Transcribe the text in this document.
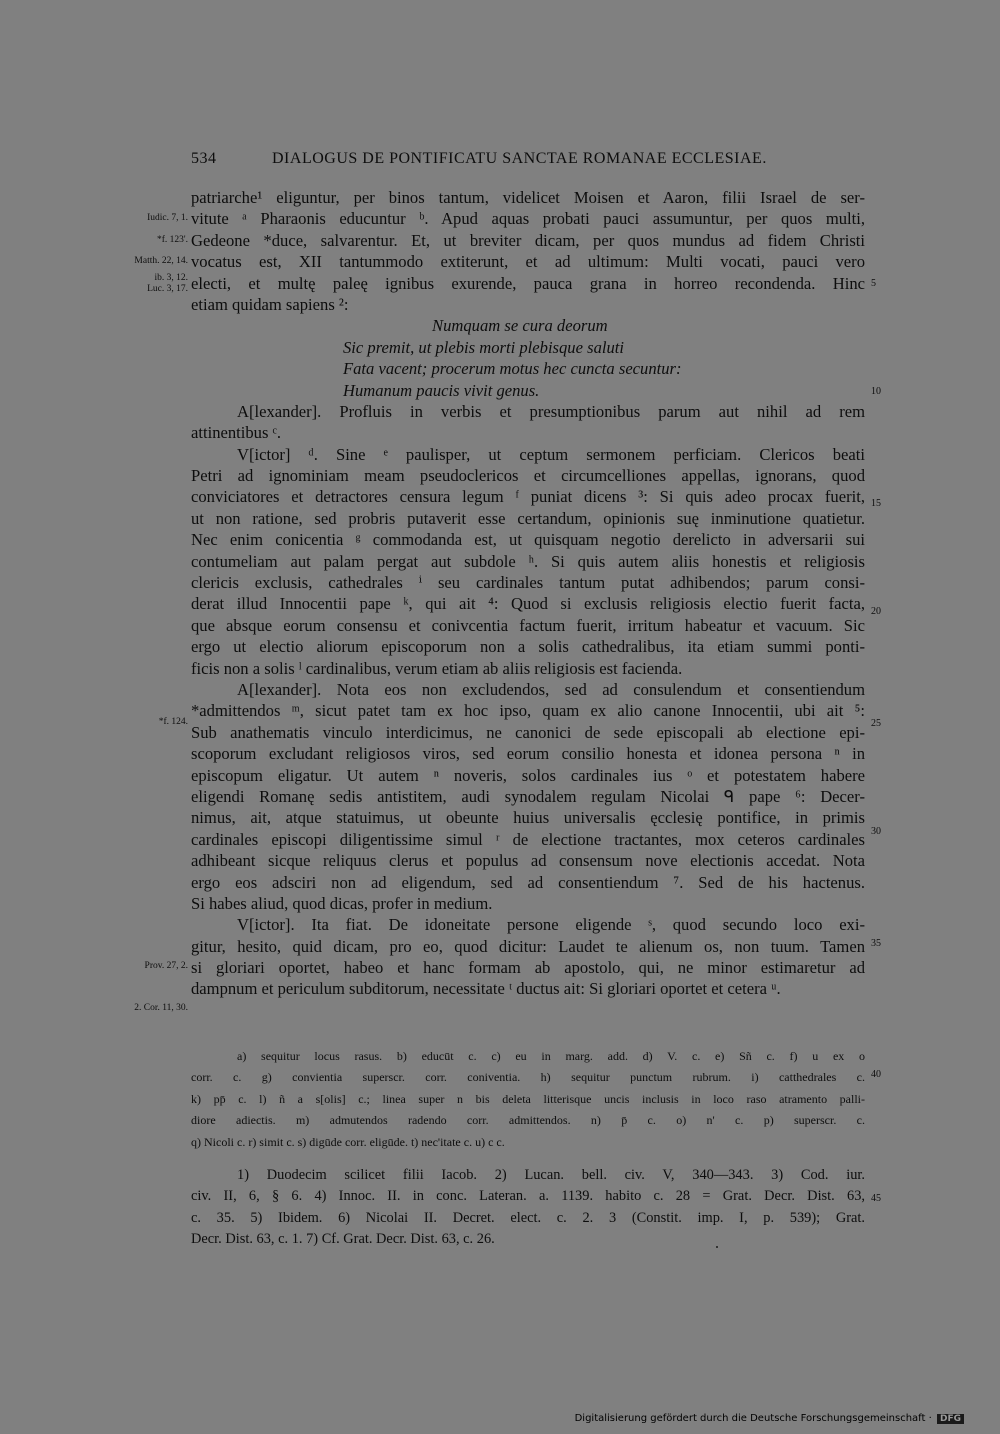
534	DIALOGUS DE PONTIFICATU SANCTAE ROMANAE ECCLESIAE.
patriarche¹ eliguntur, per binos tantum, videlicet Moisen et Aaron, filii Israel de ser-
vitute ᵃ Pharaonis educuntur ᵇ. Apud aquas probati pauci assumuntur, per quos multi,
Gedeone *duce, salvarentur. Et, ut breviter dicam, per quos mundus ad fidem Christi
vocatus est, XII tantummodo extiterunt, et ad ultimum: Multi vocati, pauci vero
electi, et multę paleę ignibus exurende, pauca grana in horreo recondenda. Hinc
etiam quidam sapiens ²:
Numquam se cura deorum
Sic premit, ut plebis morti plebisque saluti
Fata vacent; procerum motus hec cuncta secuntur:
Humanum paucis vivit genus.
A[lexander]. Profluis in verbis et presumptionibus parum aut nihil ad rem
attinentibus ᶜ.
V[ictor] ᵈ. Sine ᵉ paulisper, ut ceptum sermonem perficiam. Clericos beati
Petri ad ignominiam meam pseudoclericos et circumcelliones appellas, ignorans, quod
conviciatores et detractores censura legum ᶠ puniat dicens ³: Si quis adeo procax fuerit,
ut non ratione, sed probris putaverit esse certandum, opinionis suę inminutione quatietur.
Nec enim conicentia ᵍ commodanda est, ut quisquam negotio derelicto in adversarii sui
contumeliam aut palam pergat aut subdole ʰ. Si quis autem aliis honestis et religiosis
clericis exclusis, cathedrales ⁱ seu cardinales tantum putat adhibendos; parum consi-
derat illud Innocentii pape ᵏ, qui ait ⁴: Quod si exclusis religiosis electio fuerit facta,
que absque eorum consensu et conivcentia factum fuerit, irritum habeatur et vacuum. Sic
ergo ut electio aliorum episcoporum non a solis cathedralibus, ita etiam summi ponti-
ficis non a solis ˡ cardinalibus, verum etiam ab aliis religiosis est facienda.
A[lexander]. Nota eos non excludendos, sed ad consulendum et consentiendum
*admittendos ᵐ, sicut patet tam ex hoc ipso, quam ex alio canone Innocentii, ubi ait ⁵:
Sub anathematis vinculo interdicimus, ne canonici de sede episcopali ab electione epi-
scoporum excludant religiosos viros, sed eorum consilio honesta et idonea persona ⁿ in
episcopum eligatur. Ut autem ⁿ noveris, solos cardinales ius ᵒ et potestatem habere
eligendi Romanę sedis antistitem, audi synodalem regulam Nicolai ᑫ pape ⁶: Decer-
nimus, ait, atque statuimus, ut obeunte huius universalis ęcclesię pontifice, in primis
cardinales episcopi diligentissime simul ʳ de electione tractantes, mox ceteros cardinales
adhibeant sicque reliquus clerus et populus ad consensum nove electionis accedat. Nota
ergo eos adsciri non ad eligendum, sed ad consentiendum ⁷. Sed de his hactenus.
Si habes aliud, quod dicas, profer in medium.
V[ictor]. Ita fiat. De idoneitate persone eligende ˢ, quod secundo loco exi-
gitur, hesito, quid dicam, pro eo, quod dicitur: Laudet te alienum os, non tuum. Tamen
si gloriari oportet, habeo et hanc formam ab apostolo, qui, ne minor estimaretur ad
dampnum et periculum subditorum, necessitate ᵗ ductus ait: Si gloriari oportet et cetera ᵘ.
Iudic. 7, 1.
*f. 123'.
Matth. 22, 14.
ib. 3, 12.
Luc. 3, 17.
*f. 124.
Prov. 27, 2.
2. Cor. 11, 30.
5
10
15
20
25
30
35
40
45
a) sequitur locus rasus. b) educūt c. c) eu in marg. add. d) V. c. e) Sñ c. f) u ex o
corr. c. g) convientia superscr. corr. coniventia. h) sequitur punctum rubrum. i) catthedrales c.
k) pp̄ c. l) ñ a s[olis] c.; linea super n bis deleta litterisque uncis inclusis in loco raso atramento palli-
diore adiectis. m) admutendos radendo corr. admittendos. n) p̄ c. o) n' c. p) superscr. c.
q) Nicoli c. r) simit c. s) digūde corr. eligūde. t) nec'itate c. u) c c.
1) Duodecim scilicet filii Iacob. 2) Lucan. bell. civ. V, 340—343. 3) Cod. iur.
civ. II, 6, § 6. 4) Innoc. II. in conc. Lateran. a. 1139. habito c. 28 = Grat. Decr. Dist. 63,
c. 35. 5) Ibidem. 6) Nicolai II. Decret. elect. c. 2. 3 (Constit. imp. I, p. 539); Grat.
Decr. Dist. 63, c. 1. 7) Cf. Grat. Decr. Dist. 63, c. 26.
Digitalisierung gefördert durch die Deutsche Forschungsgemeinschaft · DFG
